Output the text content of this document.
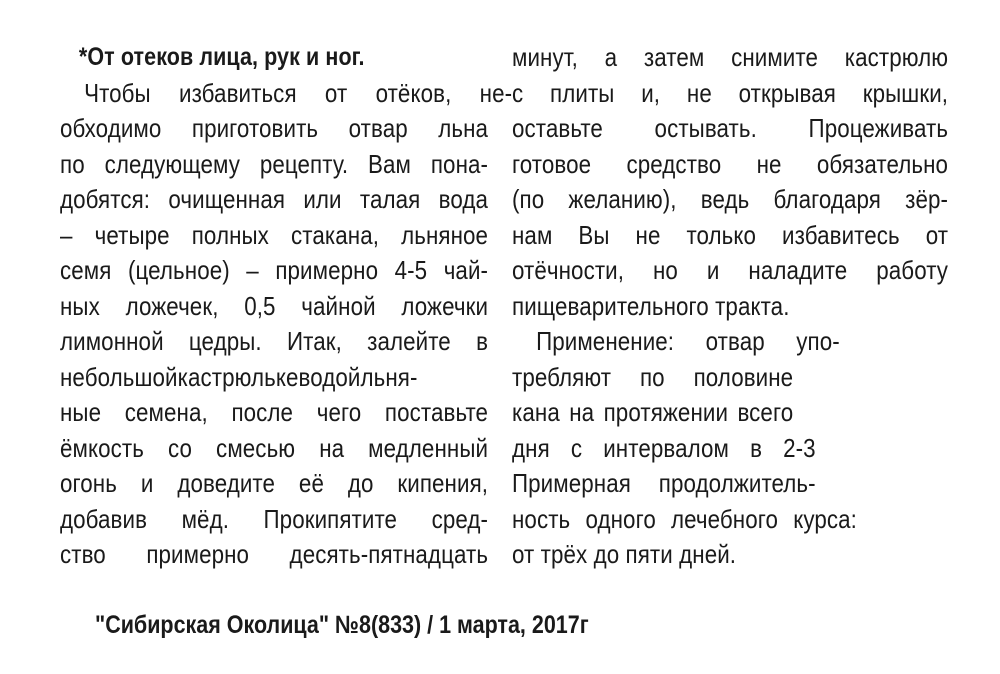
*От отеков лица, рук и ног.
Чтобы избавиться от отёков, не-
обходимо приготовить отвар льна
по следующему рецепту. Вам пона-
добятся: очищенная или талая вода
– четыре полных стакана, льняное
семя (цельное) – примерно 4-5 чай-
ных ложечек, 0,5 чайной ложечки
лимонной цедры. Итак, залейте в
небольшойкастрюлькеводойльня-
ные семена, после чего поставьте
ёмкость со смесью на медленный
огонь и доведите её до кипения,
добавив мёд. Прокипятите сред-
ство примерно десять-пятнадцать
минут, а затем снимите кастрюлю
с плиты и, не открывая крышки,
оставьте остывать. Процеживать
готовое средство не обязательно
(по желанию), ведь благодаря зёр-
нам Вы не только избавитесь от
отёчности, но и наладите работу
пищеварительного тракта.
Применение: отвар упо-
требляют по половине
кана на протяжении всего
дня с интервалом в 2-3
Примерная продолжитель-
ность одного лечебного курса:
от трёх до пяти дней.
"Сибирская Околица" №8(833) / 1 марта, 2017г
